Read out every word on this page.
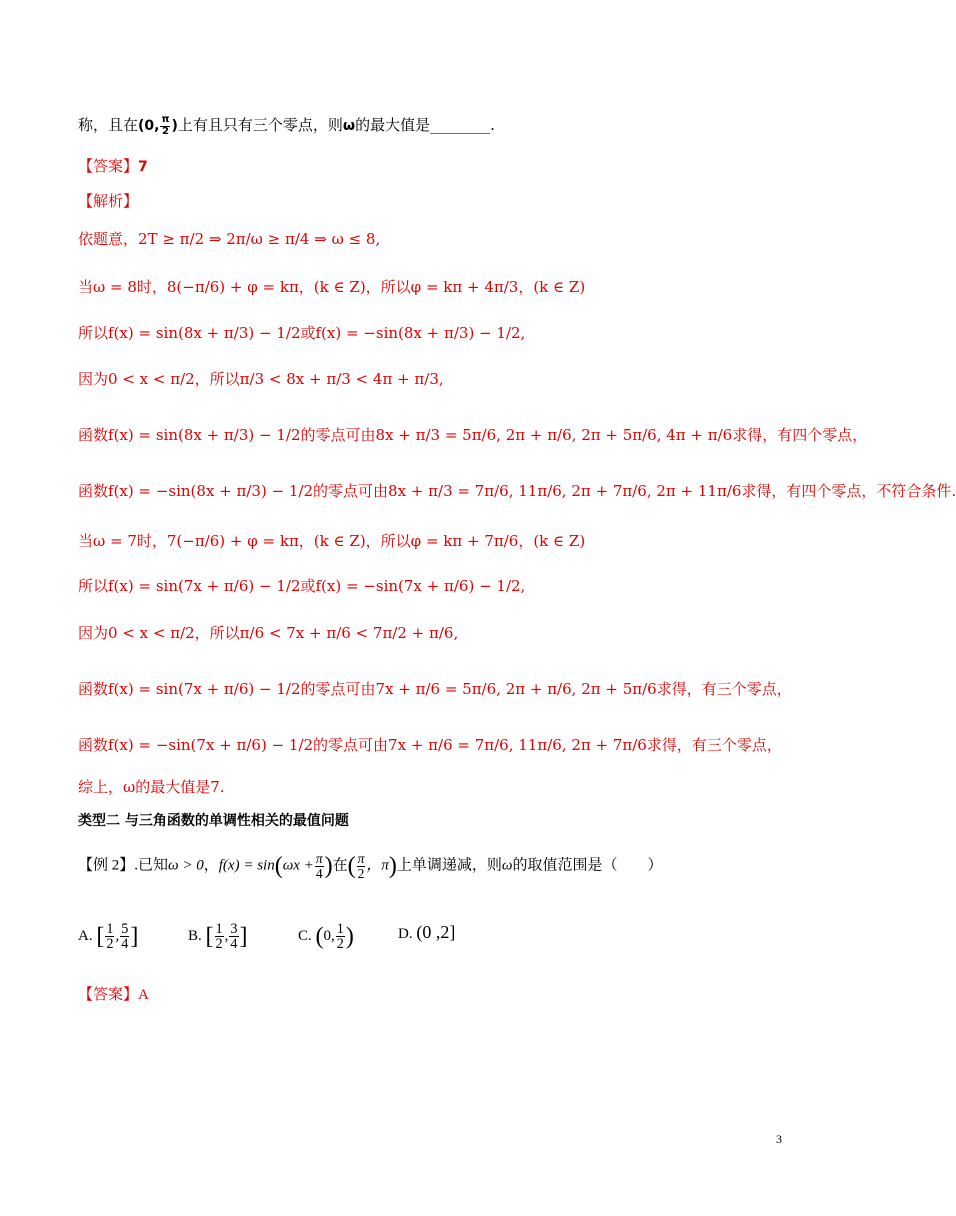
称，且在(0, $\frac{\pi}{2}$ )上有且只有三个零点，则ω的最大值是________.
【答案】7
【解析】
依题意，2T ≥ π/2 ⇒ 2π/ω ≥ π/4 ⇒ ω ≤ 8,
当ω = 8时，8(−π/6) + φ = kπ，(k ∈ Z)，所以φ = kπ + 4π/3，(k ∈ Z)
所以f(x) = sin(8x + π/3) − 1/2或f(x) = −sin(8x + π/3) − 1/2,
因为0 < x < π/2，所以π/3 < 8x + π/3 < 4π + π/3,
函数f(x) = sin(8x + π/3) − 1/2的零点可由8x + π/3 = 5π/6, 2π + π/6, 2π + 5π/6, 4π + π/6求得，有四个零点，
函数f(x) = −sin(8x + π/3) − 1/2的零点可由8x + π/3 = 7π/6, 11π/6, 2π + 7π/6, 2π + 11π/6求得，有四个零点，不符合条件.
当ω = 7时，7(−π/6) + φ = kπ，(k ∈ Z)，所以φ = kπ + 7π/6，(k ∈ Z)
所以f(x) = sin(7x + π/6) − 1/2或f(x) = −sin(7x + π/6) − 1/2,
因为0 < x < π/2，所以π/6 < 7x + π/6 < 7π/2 + π/6,
函数f(x) = sin(7x + π/6) − 1/2的零点可由7x + π/6 = 5π/6, 2π + π/6, 2π + 5π/6求得，有三个零点，
函数f(x) = −sin(7x + π/6) − 1/2的零点可由7x + π/6 = 7π/6, 11π/6, 2π + 7π/6求得，有三个零点，
综上，ω的最大值是7.
类型二 与三角函数的单调性相关的最值问题
【例 2】.已知ω > 0，$f(x) = \sin(\omega x + \frac{\pi}{4}$ )在( $\frac{\pi}{2}$ ，π)上单调递减，则ω的取值范围是（　　）
A. [ $\frac{1}{2}$ , $\frac{5}{4}$ ]	B. [ $\frac{1}{2}$ , $\frac{3}{4}$ ]	C. (0, $\frac{1}{2}$ )	D. (0 ,2]
【答案】A
3
